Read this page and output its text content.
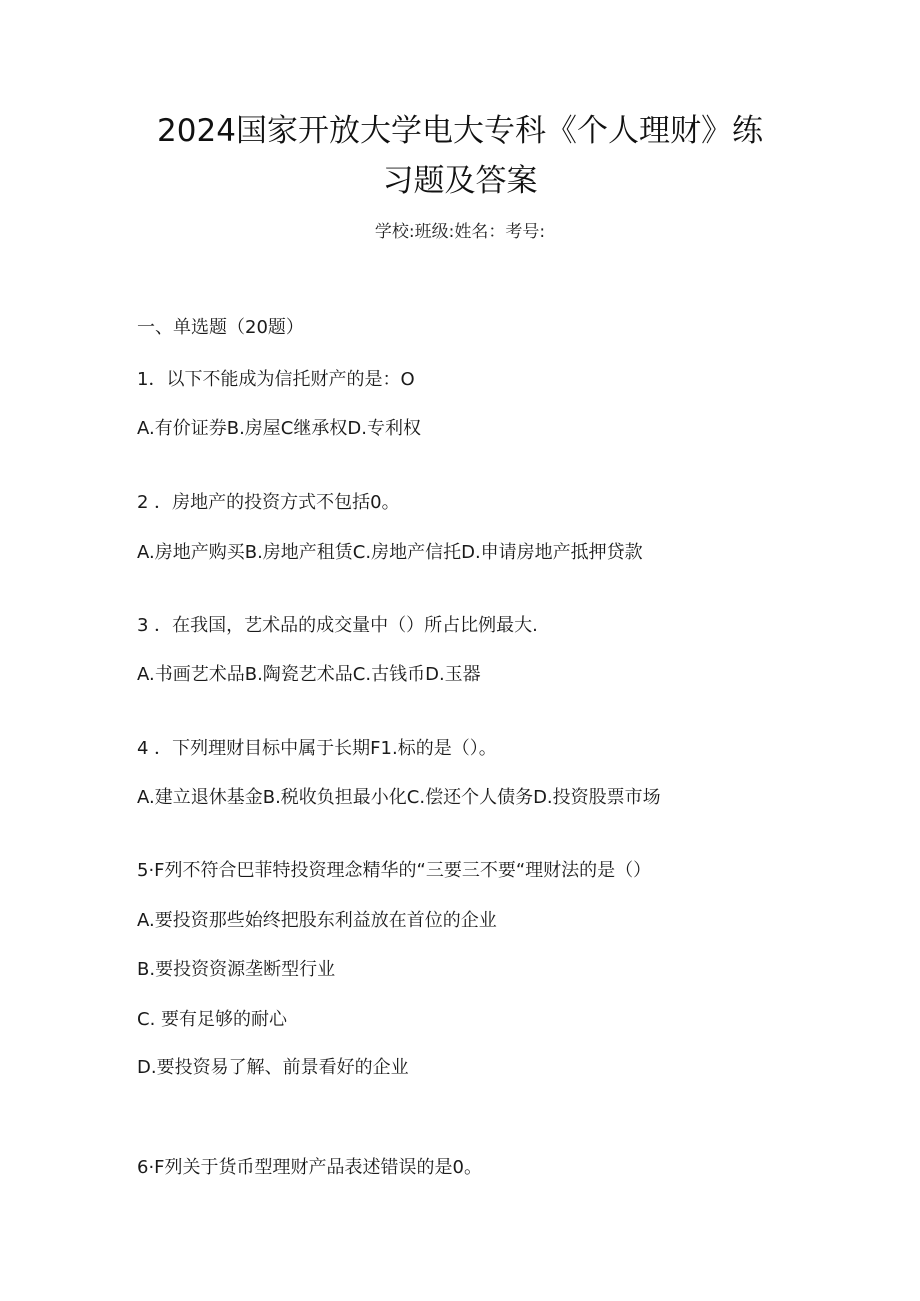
2024国家开放大学电大专科《个人理财》练
习题及答案
学校:班级:姓名：考号:
一、单选题（20题）
1．以下不能成为信托财产的是：O
A.有价证券B.房屋C继承权D.专利权
2 ．房地产的投资方式不包括0。
A.房地产购买B.房地产租赁C.房地产信托D.申请房地产抵押贷款
3 ．在我国，艺术品的成交量中（）所占比例最大.
A.书画艺术品B.陶瓷艺术品C.古钱币D.玉器
4 ．下列理财目标中属于长期F1.标的是（）。
A.建立退休基金B.税收负担最小化C.偿还个人债务D.投资股票市场
5·F列不符合巴菲特投资理念精华的“三要三不要“理财法的是（）
A.要投资那些始终把股东利益放在首位的企业
B.要投资资源垄断型行业
C. 要有足够的耐心
D.要投资易了解、前景看好的企业
6·F列关于货币型理财产品表述错误的是0。
